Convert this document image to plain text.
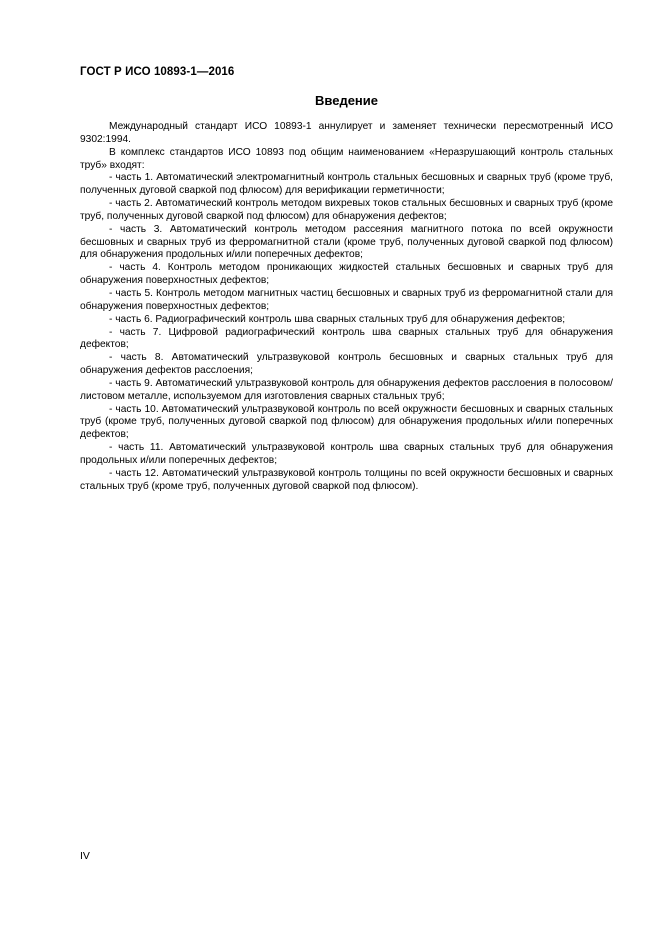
ГОСТ Р ИСО 10893-1—2016
Введение

Международный стандарт ИСО 10893-1 аннулирует и заменяет технически пересмотренный ИСО 9302:1994.

В комплекс стандартов ИСО 10893 под общим наименованием «Неразрушающий контроль стальных труб» входят:

- часть 1. Автоматический электромагнитный контроль стальных бесшовных и сварных труб (кроме труб, полученных дуговой сваркой под флюсом) для верификации герметичности;

- часть 2. Автоматический контроль методом вихревых токов стальных бесшовных и сварных труб (кроме труб, полученных дуговой сваркой под флюсом) для обнаружения дефектов;

- часть 3. Автоматический контроль методом рассеяния магнитного потока по всей окружности бесшовных и сварных труб из ферромагнитной стали (кроме труб, полученных дуговой сваркой под флюсом) для обнаружения продольных и/или поперечных дефектов;

- часть 4. Контроль методом проникающих жидкостей стальных бесшовных и сварных труб для обнаружения поверхностных дефектов;

- часть 5. Контроль методом магнитных частиц бесшовных и сварных труб из ферромагнитной стали для обнаружения поверхностных дефектов;

- часть 6. Радиографический контроль шва сварных стальных труб для обнаружения дефектов;

- часть 7. Цифровой радиографический контроль шва сварных стальных труб для обнаружения дефектов;

- часть 8. Автоматический ультразвуковой контроль бесшовных и сварных стальных труб для обнаружения дефектов расслоения;

- часть 9. Автоматический ультразвуковой контроль для обнаружения дефектов расслоения в полосовом/листовом металле, используемом для изготовления сварных стальных труб;

- часть 10. Автоматический ультразвуковой контроль по всей окружности бесшовных и сварных стальных труб (кроме труб, полученных дуговой сваркой под флюсом) для обнаружения продольных и/или поперечных дефектов;

- часть 11. Автоматический ультразвуковой контроль шва сварных стальных труб для обнаружения продольных и/или поперечных дефектов;

- часть 12. Автоматический ультразвуковой контроль толщины по всей окружности бесшовных и сварных стальных труб (кроме труб, полученных дуговой сваркой под флюсом).

IV
